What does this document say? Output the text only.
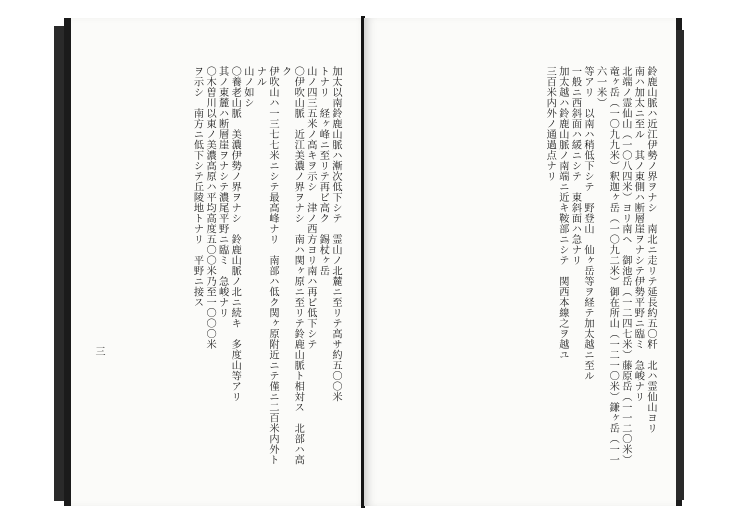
加太以南鈴鹿山脈ハ漸次低下シテ　霊山ノ北麓ニ至リテ高サ約五〇〇米

トナリ　経ヶ峰ニ至リテ再ビ高ク　錫杖ヶ岳

山ノ四三五米ノ高キヲ示シ　津ノ西方ヨリ南ハ再ビ低下シテ

〇伊吹山脈　近江美濃ノ界ヲナシ　南ハ関ヶ原ニ至リテ鈴鹿山脈ト相対ス　北部ハ高ク

伊吹山ハ一三七七米ニシテ最高峰ナリ　南部ハ低ク関ヶ原附近ニテ僅ニ二百米内外トナル

山ノ如シ

〇養老山脈　美濃伊勢ノ界ヲナシ　鈴鹿山脈ノ北ニ続キ　多度山等アリ

其ノ東麓ハ断層崖ヲナシテ濃尾平野ニ臨ミ　急峻ナリ

〇木曽川以東ノ美濃高原ハ平均高度五〇〇米乃至一〇〇〇米

ヲ示シ　南方ニ低下シテ丘陵地トナリ　平野ニ接ス

三	鈴鹿山脈ハ近江伊勢ノ界ヲナシ　南北ニ走リテ延長約五〇粁　北ハ霊仙山ヨリ

南ハ加太ニ至ル　其ノ東側ハ断層崖ヲナシテ伊勢平野ニ臨ミ　急峻ナリ

北端ノ霊仙山（一〇八四米）ヨリ南ヘ　御池岳（一二四七米）藤原岳（一一二〇米）

竜ヶ岳（一〇九九米）釈迦ヶ岳（一〇九二米）御在所山（一二一〇米）鎌ヶ岳（一一六一米）

等アリ　以南ハ稍低下シテ　野登山　仙ヶ岳等ヲ経テ加太越ニ至ル

一般ニ西斜面ハ緩ニシテ　東斜面ハ急ナリ

加太越ハ鈴鹿山脈ノ南端ニ近キ鞍部ニシテ　関西本線之ヲ越ユ

三百米内外ノ通過点ナリ
